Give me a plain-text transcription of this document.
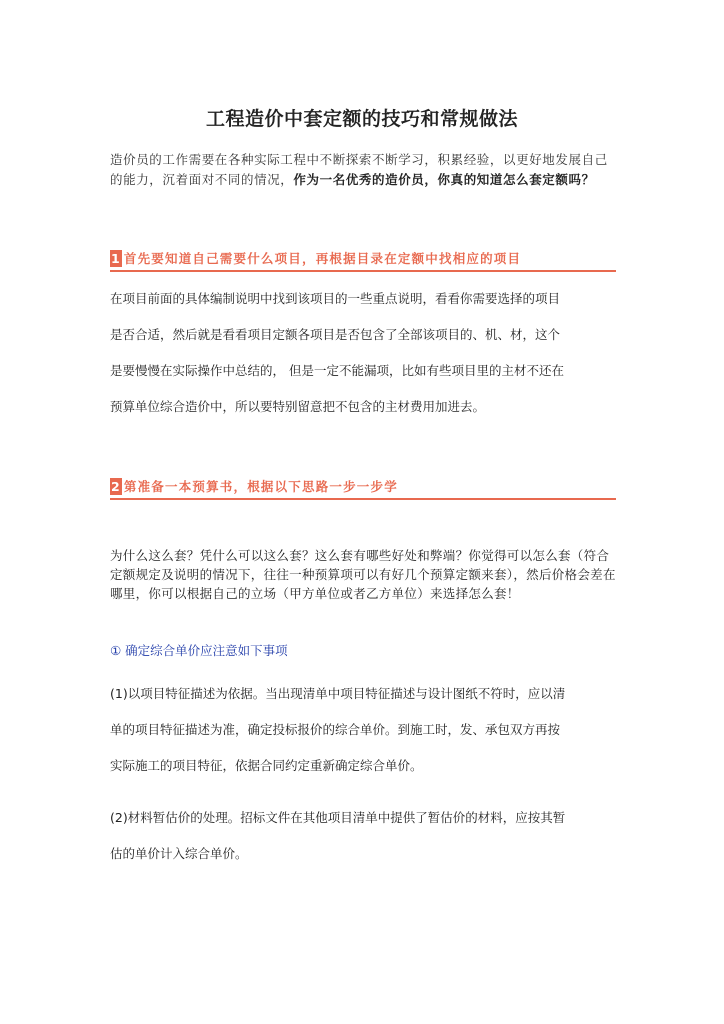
工程造价中套定额的技巧和常规做法
造价员的工作需要在各种实际工程中不断探索不断学习，积累经验，以更好地发展自己的能力，沉着面对不同的情况，作为一名优秀的造价员，你真的知道怎么套定额吗？
1 首先要知道自己需要什么项目，再根据目录在定额中找相应的项目
在项目前面的具体编制说明中找到该项目的一些重点说明，看看你需要选择的项目
是否合适，然后就是看看项目定额各项目是否包含了全部该项目的、机、材，这个
是要慢慢在实际操作中总结的， 但是一定不能漏项，比如有些项目里的主材不还在
预算单位综合造价中，所以要特别留意把不包含的主材费用加进去。
2 第准备一本预算书，根据以下思路一步一步学
为什么这么套？凭什么可以这么套？这么套有哪些好处和弊端？你觉得可以怎么套（符合定额规定及说明的情况下，往往一种预算项可以有好几个预算定额来套），然后价格会差在哪里，你可以根据自己的立场（甲方单位或者乙方单位）来选择怎么套！
① 确定综合单价应注意如下事项
(1)以项目特征描述为依据。当出现清单中项目特征描述与设计图纸不符时，应以清
单的项目特征描述为准，确定投标报价的综合单价。到施工时，发、承包双方再按
实际施工的项目特征，依据合同约定重新确定综合单价。
(2)材料暂估价的处理。招标文件在其他项目清单中提供了暂估价的材料，应按其暂
估的单价计入综合单价。
